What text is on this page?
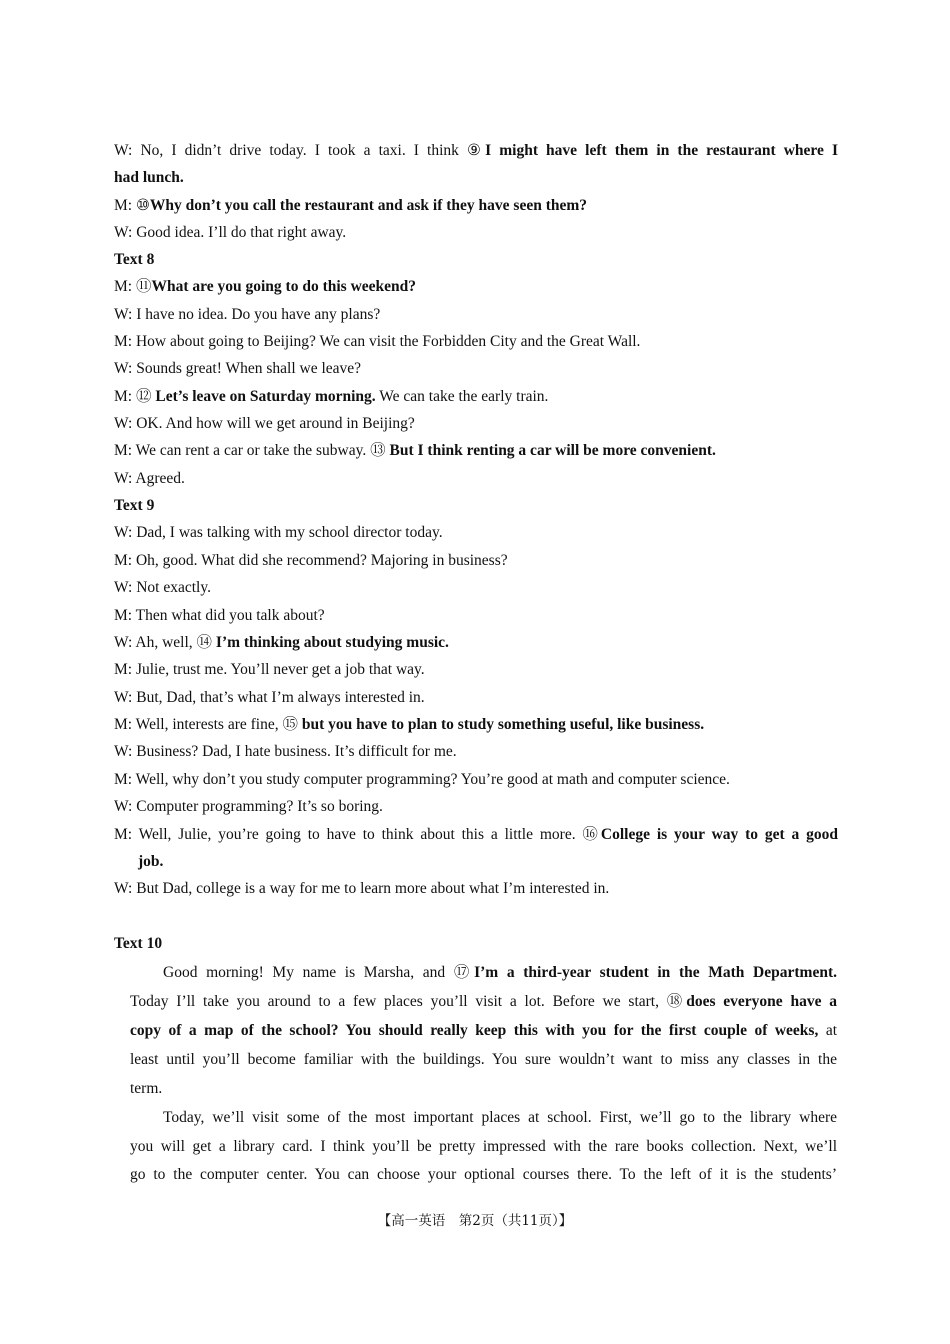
W: No, I didn’t drive today. I took a taxi. I think ⑨I might have left them in the restaurant where I
had lunch.
M: ⑩Why don’t you call the restaurant and ask if they have seen them?
W: Good idea. I’ll do that right away.
Text 8
M: ⑪What are you going to do this weekend?
W: I have no idea. Do you have any plans?
M: How about going to Beijing? We can visit the Forbidden City and the Great Wall.
W: Sounds great! When shall we leave?
M: ⑫ Let’s leave on Saturday morning. We can take the early train.
W: OK. And how will we get around in Beijing?
M: We can rent a car or take the subway. ⑬ But I think renting a car will be more convenient.
W: Agreed.
Text 9
W: Dad, I was talking with my school director today.
M: Oh, good. What did she recommend? Majoring in business?
W: Not exactly.
M: Then what did you talk about?
W: Ah, well, ⑭ I’m thinking about studying music.
M: Julie, trust me. You’ll never get a job that way.
W: But, Dad, that’s what I’m always interested in.
M: Well, interests are fine, ⑮ but you have to plan to study something useful, like business.
W: Business? Dad, I hate business. It’s difficult for me.
M: Well, why don’t you study computer programming? You’re good at math and computer science.
W: Computer programming? It’s so boring.
M: Well, Julie, you’re going to have to think about this a little more. ⑯College is your way to get a good
job.
W: But Dad, college is a way for me to learn more about what I’m interested in.
Text 10
Good morning! My name is Marsha, and ⑰I’m a third-year student in the Math Department.
Today I’ll take you around to a few places you’ll visit a lot. Before we start, ⑱does everyone have a
copy of a map of the school? You should really keep this with you for the first couple of weeks, at
least until you’ll become familiar with the buildings. You sure wouldn’t want to miss any classes in the
term.
Today, we’ll visit some of the most important places at school. First, we’ll go to the library where
you will get a library card. I think you’ll be pretty impressed with the rare books collection. Next, we’ll
go to the computer center. You can choose your optional courses there. To the left of it is the students’
【高一英语　第2页（共11页）】
